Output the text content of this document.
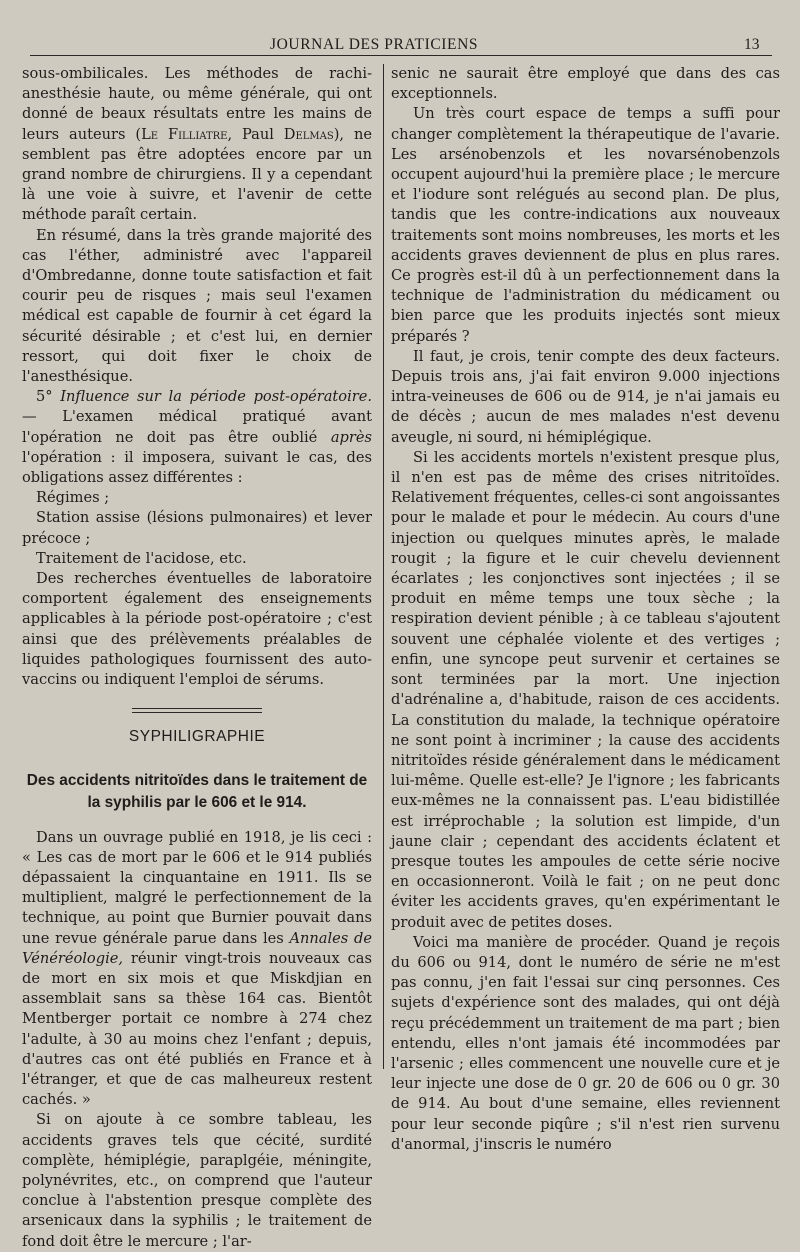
JOURNAL DES PRATICIENS	13

sous-ombilicales. Les méthodes de rachi-anesthésie haute, ou même générale, qui ont donné de beaux résultats entre les mains de leurs auteurs (Le Filliatre, Paul Delmas), ne semblent pas être adoptées encore par un grand nombre de chirurgiens. Il y a cependant là une voie à suivre, et l'avenir de cette méthode paraît certain.

En résumé, dans la très grande majorité des cas l'éther, administré avec l'appareil d'Ombredanne, donne toute satisfaction et fait courir peu de risques ; mais seul l'examen médical est capable de fournir à cet égard la sécurité désirable ; et c'est lui, en dernier ressort, qui doit fixer le choix de l'anesthésique.

5° Influence sur la période post-opératoire. — L'examen médical pratiqué avant l'opération ne doit pas être oublié après l'opération : il imposera, suivant le cas, des obligations assez différentes :

Régimes ;

Station assise (lésions pulmonaires) et lever précoce ;

Traitement de l'acidose, etc.

Des recherches éventuelles de laboratoire comportent également des enseignements applicables à la période post-opératoire ; c'est ainsi que des prélèvements préalables de liquides pathologiques fournissent des auto-vaccins ou indiquent l'emploi de sérums.

SYPHILIGRAPHIE
Des accidents nitritoïdes dans le traitement de la syphilis par le 606 et le 914.

Dans un ouvrage publié en 1918, je lis ceci : « Les cas de mort par le 606 et le 914 publiés dépassaient la cinquantaine en 1911. Ils se multiplient, malgré le perfectionnement de la technique, au point que Burnier pouvait dans une revue générale parue dans les Annales de Vénéréologie, réunir vingt-trois nouveaux cas de mort en six mois et que Miskdjian en assemblait sans sa thèse 164 cas. Bientôt Mentberger portait ce nombre à 274 chez l'adulte, à 30 au moins chez l'enfant ; depuis, d'autres cas ont été publiés en France et à l'étranger, et que de cas malheureux restent cachés. »

Si on ajoute à ce sombre tableau, les accidents graves tels que cécité, surdité complète, hémiplégie, paraplgéie, méningite, polynévrites, etc., on comprend que l'auteur conclue à l'abstention presque complète des arsenicaux dans la syphilis ; le traitement de fond doit être le mercure ; l'ar-

senic ne saurait être employé que dans des cas exceptionnels.

Un très court espace de temps a suffi pour changer complètement la thérapeutique de l'avarie. Les arsénobenzols et les novarsénobenzols occupent aujourd'hui la première place ; le mercure et l'iodure sont relégués au second plan. De plus, tandis que les contre-indications aux nouveaux traitements sont moins nombreuses, les morts et les accidents graves deviennent de plus en plus rares. Ce progrès est-il dû à un perfectionnement dans la technique de l'administration du médicament ou bien parce que les produits injectés sont mieux préparés ?

Il faut, je crois, tenir compte des deux facteurs. Depuis trois ans, j'ai fait environ 9.000 injections intra-veineuses de 606 ou de 914, je n'ai jamais eu de décès ; aucun de mes malades n'est devenu aveugle, ni sourd, ni hémiplégique.

Si les accidents mortels n'existent presque plus, il n'en est pas de même des crises nitritoïdes. Relativement fréquentes, celles-ci sont angoissantes pour le malade et pour le médecin. Au cours d'une injection ou quelques minutes après, le malade rougit ; la figure et le cuir chevelu deviennent écarlates ; les conjonctives sont injectées ; il se produit en même temps une toux sèche ; la respiration devient pénible ; à ce tableau s'ajoutent souvent une céphalée violente et des vertiges ; enfin, une syncope peut survenir et certaines se sont terminées par la mort. Une injection d'adrénaline a, d'habitude, raison de ces accidents. La constitution du malade, la technique opératoire ne sont point à incriminer ; la cause des accidents nitritoïdes réside généralement dans le médicament lui-même. Quelle est-elle? Je l'ignore ; les fabricants eux-mêmes ne la connaissent pas. L'eau bidistillée est irréprochable ; la solution est limpide, d'un jaune clair ; cependant des accidents éclatent et presque toutes les ampoules de cette série nocive en occasionneront. Voilà le fait ; on ne peut donc éviter les accidents graves, qu'en expérimentant le produit avec de petites doses.

Voici ma manière de procéder. Quand je reçois du 606 ou 914, dont le numéro de série ne m'est pas connu, j'en fait l'essai sur cinq personnes. Ces sujets d'expérience sont des malades, qui ont déjà reçu précédemment un traitement de ma part ; bien entendu, elles n'ont jamais été incommodées par l'arsenic ; elles commencent une nouvelle cure et je leur injecte une dose de 0 gr. 20 de 606 ou 0 gr. 30 de 914. Au bout d'une semaine, elles reviennent pour leur seconde piqûre ; s'il n'est rien survenu d'anormal, j'inscris le numéro
